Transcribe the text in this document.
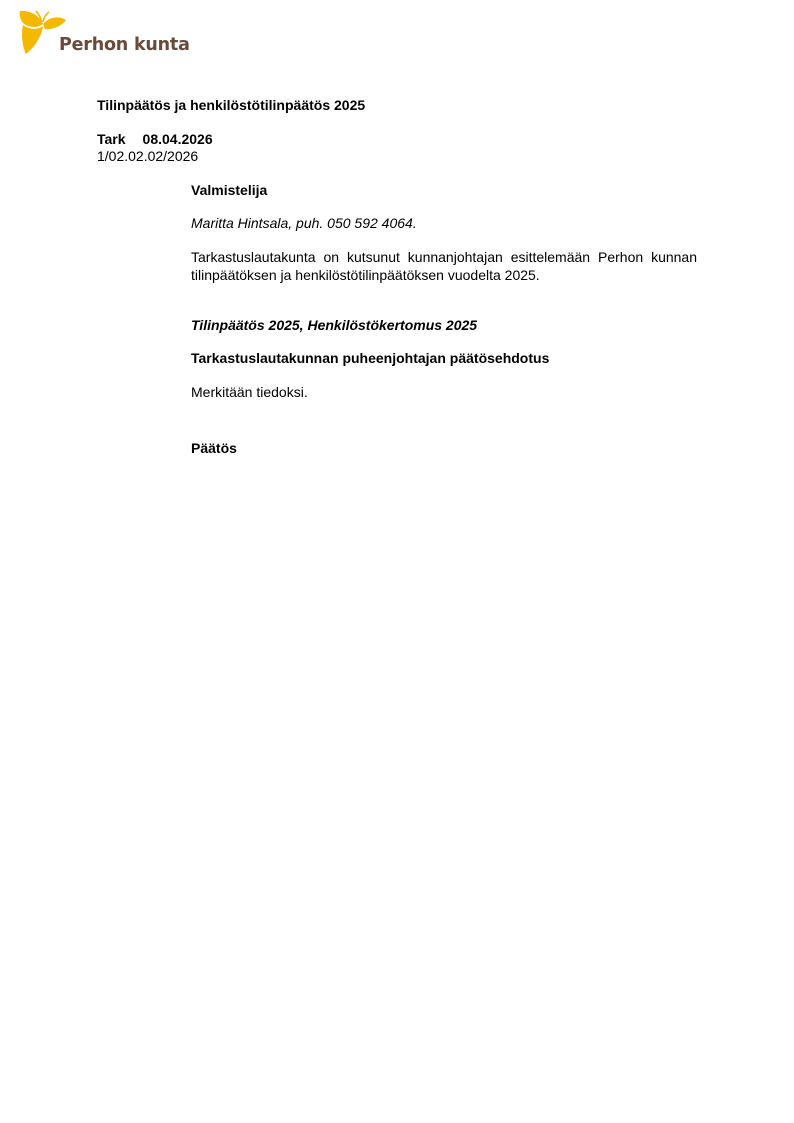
Perhon kunta
Tilinpäätös ja henkilöstötilinpäätös 2025
Tark 08.04.2026
1/02.02.02/2026
Valmistelija
Maritta Hintsala, puh. 050 592 4064.
Tarkastuslautakunta on kutsunut kunnanjohtajan esittelemään Perhon kunnan tilinpäätöksen ja henkilöstötilinpäätöksen vuodelta 2025.
Tilinpäätös 2025, Henkilöstökertomus 2025
Tarkastuslautakunnan puheenjohtajan päätösehdotus
Merkitään tiedoksi.
Päätös
